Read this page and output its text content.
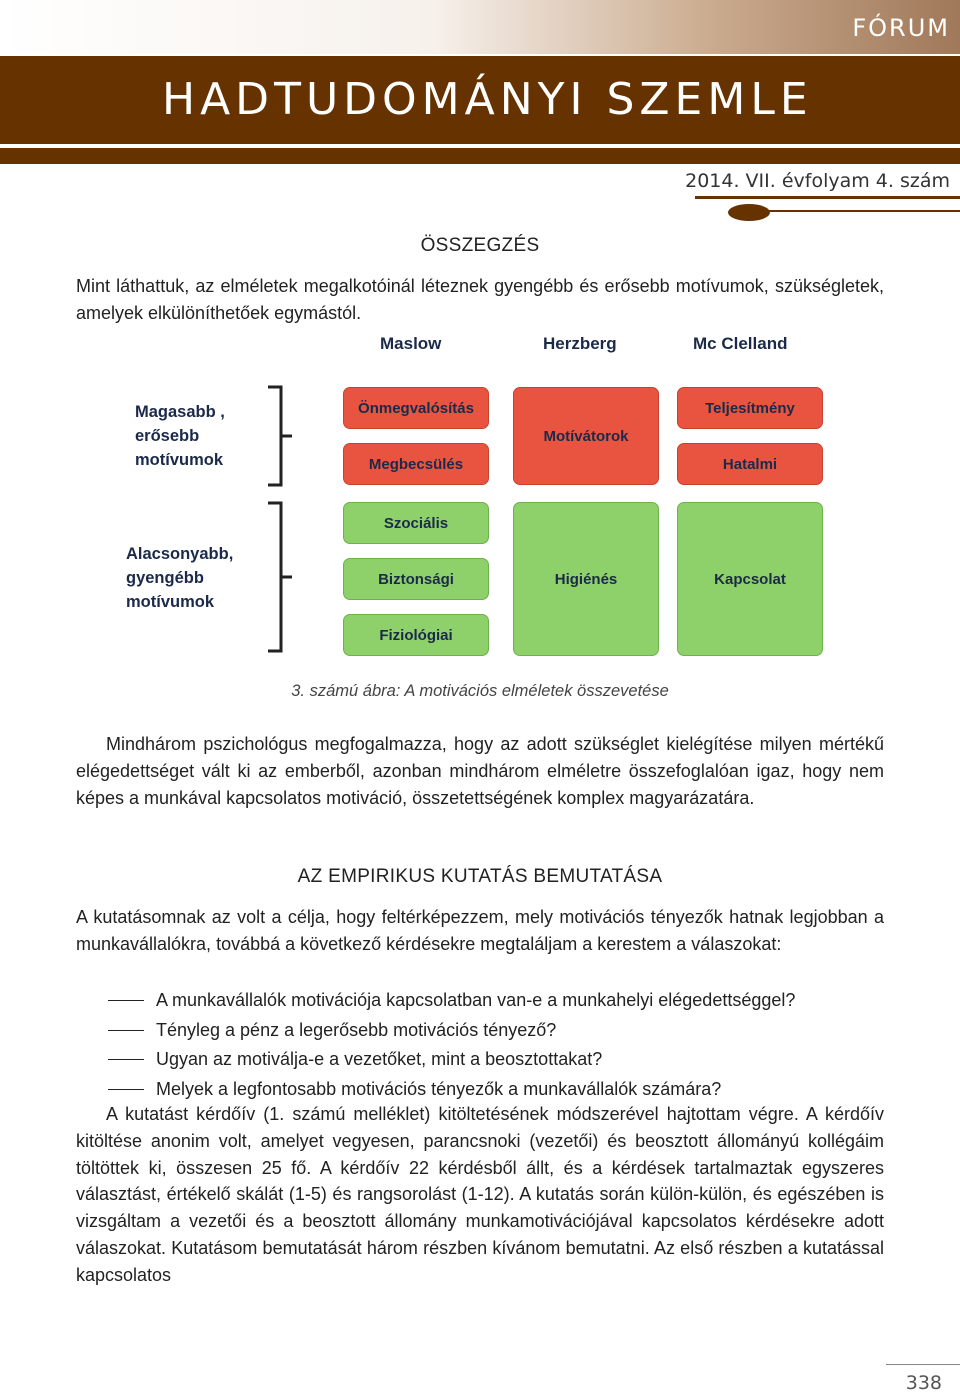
FÓRUM
HADTUDOMÁNYI SZEMLE
2014. VII. évfolyam 4. szám
ÖSSZEGZÉS
Mint láthattuk, az elméletek megalkotóinál léteznek gyengébb és erősebb motívumok, szükségletek, amelyek elkülöníthetőek egymástól.
Maslow	Herzberg	Mc Clelland
Magasabb ,
erősebb
motívumok
Alacsonyabb,
gyengébb
motívumok
Önmegvalósítás
Megbecsülés
Szociális
Biztonsági
Fiziológiai
Motívátorok
Higiénés
Teljesítmény
Hatalmi
Kapcsolat
3. számú ábra: A motivációs elméletek összevetése
Mindhárom pszichológus megfogalmazza, hogy az adott szükséglet kielégítése milyen mértékű elégedettséget vált ki az emberből, azonban mindhárom elméletre összefoglalóan igaz, hogy nem képes a munkával kapcsolatos motiváció, összetettségének komplex magyarázatára.
AZ EMPIRIKUS KUTATÁS BEMUTATÁSA
A kutatásomnak az volt a célja, hogy feltérképezzem, mely motivációs tényezők hatnak legjobban a munkavállalókra, továbbá a következő kérdésekre megtaláljam a kerestem a válaszokat:
A munkavállalók motivációja kapcsolatban van-e a munkahelyi elégedettséggel?
Tényleg a pénz a legerősebb motivációs tényező?
Ugyan az motiválja-e a vezetőket, mint a beosztottakat?
Melyek a legfontosabb motivációs tényezők a munkavállalók számára?
A kutatást kérdőív (1. számú melléklet) kitöltetésének módszerével hajtottam végre. A kérdőív kitöltése anonim volt, amelyet vegyesen, parancsnoki (vezetői) és beosztott állományú kollégáim töltöttek ki, összesen 25 fő. A kérdőív 22 kérdésből állt, és a kérdések tartalmaztak egyszeres választást, értékelő skálát (1-5) és rangsorolást (1-12). A kutatás során külön-külön, és egészében is vizsgáltam a vezetői és a beosztott állomány munkamotivációjával kapcsolatos kérdésekre adott válaszokat. Kutatásom bemutatását három részben kívánom bemutatni. Az első részben a kutatással kapcsolatos
338
